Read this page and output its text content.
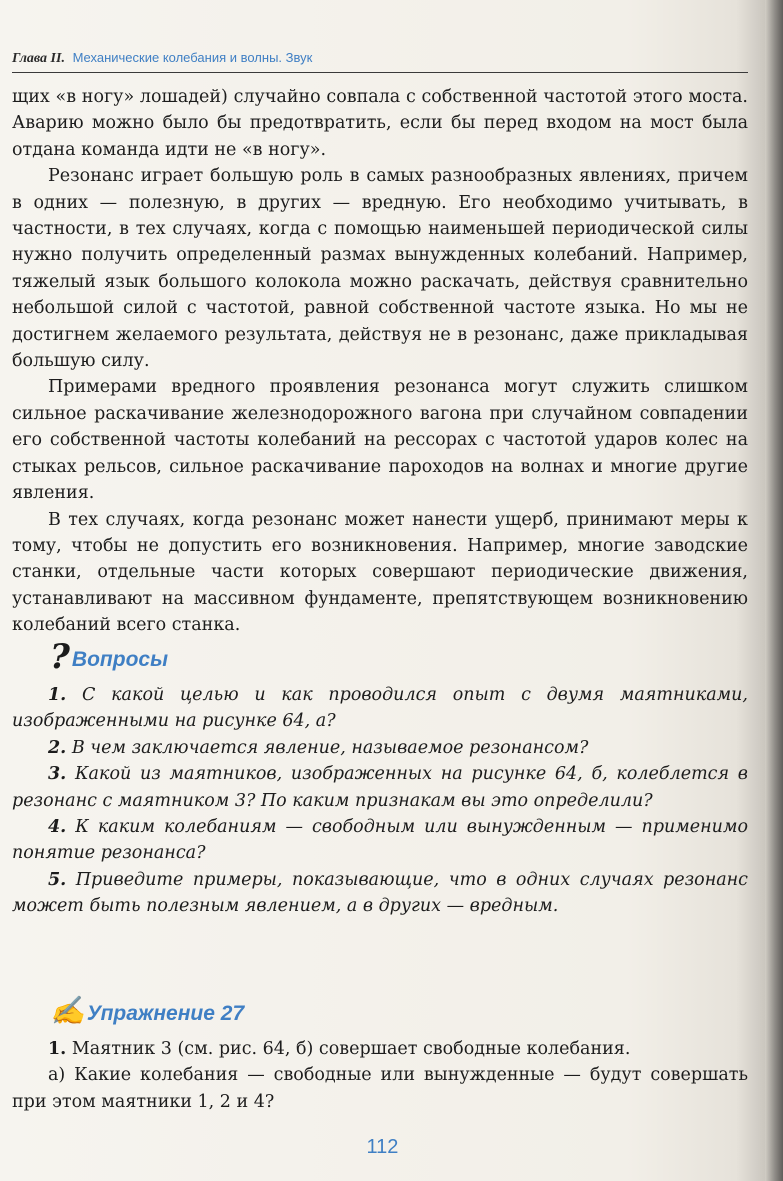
Глава II. Механические колебания и волны. Звук

щих «в ногу» лошадей) случайно совпала с собственной частотой этого моста. Аварию можно было бы предотвратить, если бы перед входом на мост была отдана команда идти не «в ногу».

Резонанс играет большую роль в самых разнообразных явлениях, причем в одних — полезную, в других — вредную. Его необходимо учитывать, в частности, в тех случаях, когда с помощью наименьшей периодической силы нужно получить определенный размах вынужденных колебаний. Например, тяжелый язык большого колокола можно раскачать, действуя сравнительно небольшой силой с частотой, равной собственной частоте языка. Но мы не достигнем желаемого результата, действуя не в резонанс, даже прикладывая большую силу.

Примерами вредного проявления резонанса могут служить слишком сильное раскачивание железнодорожного вагона при случайном совпадении его собственной частоты колебаний на рессорах с частотой ударов колес на стыках рельсов, сильное раскачивание пароходов на волнах и многие другие явления.

В тех случаях, когда резонанс может нанести ущерб, принимают меры к тому, чтобы не допустить его возникновения. Например, многие заводские станки, отдельные части которых совершают периодические движения, устанавливают на массивном фундаменте, препятствующем возникновению колебаний всего станка.

? Вопросы

1. С какой целью и как проводился опыт с двумя маятниками, изображенными на рисунке 64, а?

2. В чем заключается явление, называемое резонансом?

3. Какой из маятников, изображенных на рисунке 64, б, колеблется в резонанс с маятником 3? По каким признакам вы это определили?

4. К каким колебаниям — свободным или вынужденным — применимо понятие резонанса?

5. Приведите примеры, показывающие, что в одних случаях резонанс может быть полезным явлением, а в других — вредным.

✍ Упражнение 27

1. Маятник 3 (см. рис. 64, б) совершает свободные колебания.

а) Какие колебания — свободные или вынужденные — будут совершать при этом маятники 1, 2 и 4?

112
